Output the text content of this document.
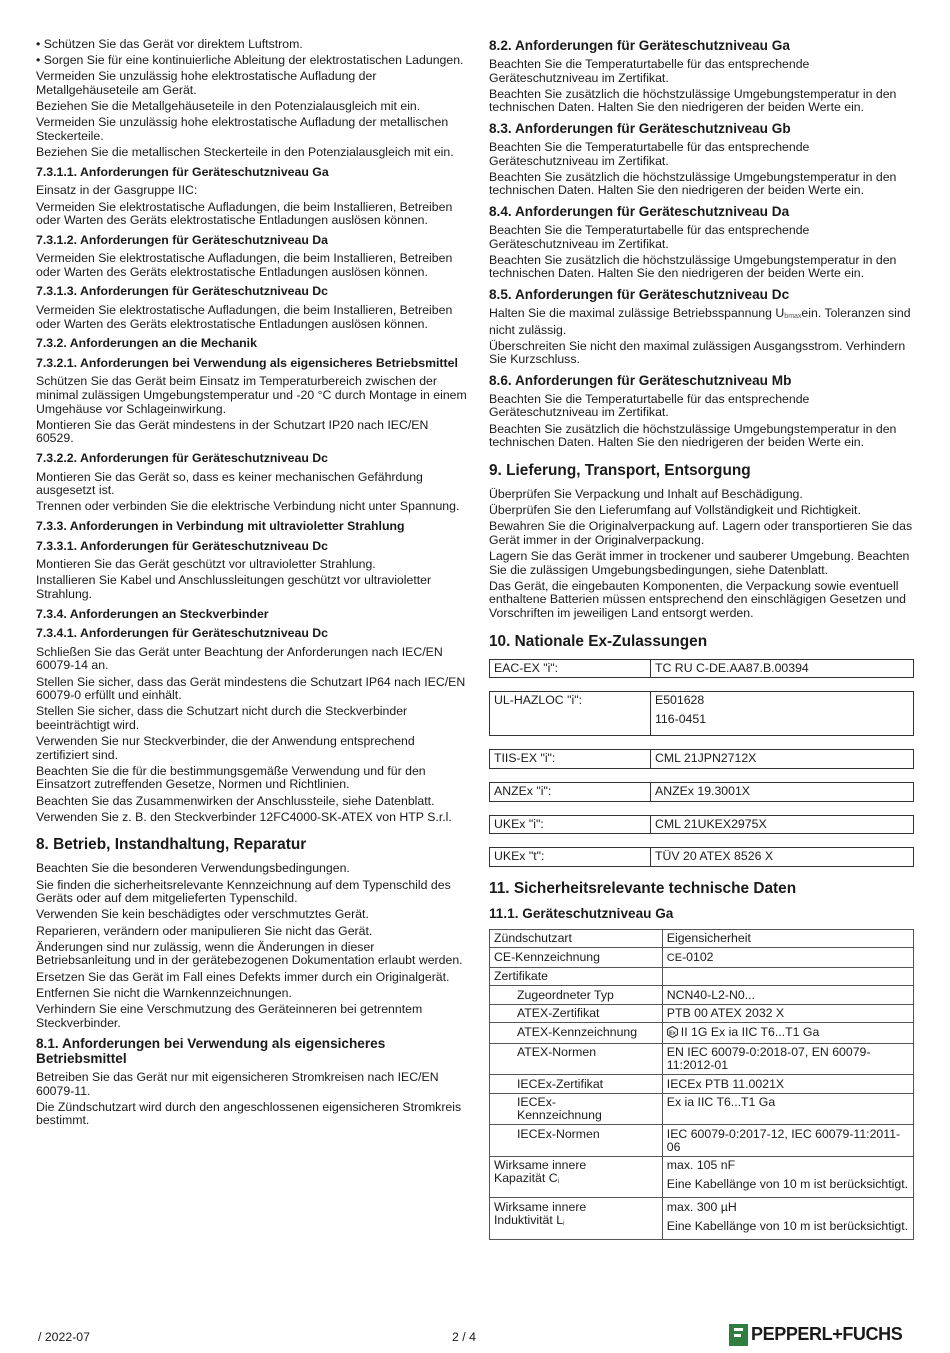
• Schützen Sie das Gerät vor direktem Luftstrom.

• Sorgen Sie für eine kontinuierliche Ableitung der elektrostatischen Ladungen.

Vermeiden Sie unzulässig hohe elektrostatische Aufladung der Metallgehäuseteile am Gerät.

Beziehen Sie die Metallgehäuseteile in den Potenzialausgleich mit ein.

Vermeiden Sie unzulässig hohe elektrostatische Aufladung der metallischen Steckerteile.

Beziehen Sie die metallischen Steckerteile in den Potenzialausgleich mit ein.

7.3.1.1. Anforderungen für Geräteschutzniveau Ga

Einsatz in der Gasgruppe IIC:

Vermeiden Sie elektrostatische Aufladungen, die beim Installieren, Betreiben oder Warten des Geräts elektrostatische Entladungen auslösen können.

7.3.1.2. Anforderungen für Geräteschutzniveau Da

Vermeiden Sie elektrostatische Aufladungen, die beim Installieren, Betreiben oder Warten des Geräts elektrostatische Entladungen auslösen können.

7.3.1.3. Anforderungen für Geräteschutzniveau Dc

Vermeiden Sie elektrostatische Aufladungen, die beim Installieren, Betreiben oder Warten des Geräts elektrostatische Entladungen auslösen können.

7.3.2. Anforderungen an die Mechanik
7.3.2.1. Anforderungen bei Verwendung als eigensicheres Betriebsmittel

Schützen Sie das Gerät beim Einsatz im Temperaturbereich zwischen der minimal zulässigen Umgebungstemperatur und -20 °C durch Montage in einem Umgehäuse vor Schlageinwirkung.

Montieren Sie das Gerät mindestens in der Schutzart IP20 nach IEC/EN 60529.

7.3.2.2. Anforderungen für Geräteschutzniveau Dc

Montieren Sie das Gerät so, dass es keiner mechanischen Gefährdung ausgesetzt ist.

Trennen oder verbinden Sie die elektrische Verbindung nicht unter Spannung.

7.3.3. Anforderungen in Verbindung mit ultravioletter Strahlung
7.3.3.1. Anforderungen für Geräteschutzniveau Dc

Montieren Sie das Gerät geschützt vor ultravioletter Strahlung.

Installieren Sie Kabel und Anschlussleitungen geschützt vor ultravioletter Strahlung.

7.3.4. Anforderungen an Steckverbinder
7.3.4.1. Anforderungen für Geräteschutzniveau Dc

Schließen Sie das Gerät unter Beachtung der Anforderungen nach IEC/EN 60079-14 an.

Stellen Sie sicher, dass das Gerät mindestens die Schutzart IP64 nach IEC/EN 60079-0 erfüllt und einhält.

Stellen Sie sicher, dass die Schutzart nicht durch die Steckverbinder beeinträchtigt wird.

Verwenden Sie nur Steckverbinder, die der Anwendung entsprechend zertifiziert sind.

Beachten Sie die für die bestimmungsgemäße Verwendung und für den Einsatzort zutreffenden Gesetze, Normen und Richtlinien.

Beachten Sie das Zusammenwirken der Anschlussteile, siehe Datenblatt.

Verwenden Sie z. B. den Steckverbinder 12FC4000-SK-ATEX von HTP S.r.l.

8. Betrieb, Instandhaltung, Reparatur

Beachten Sie die besonderen Verwendungsbedingungen.

Sie finden die sicherheitsrelevante Kennzeichnung auf dem Typenschild des Geräts oder auf dem mitgelieferten Typenschild.

Verwenden Sie kein beschädigtes oder verschmutztes Gerät.

Reparieren, verändern oder manipulieren Sie nicht das Gerät.

Änderungen sind nur zulässig, wenn die Änderungen in dieser Betriebsanleitung und in der gerätebezogenen Dokumentation erlaubt werden.

Ersetzen Sie das Gerät im Fall eines Defekts immer durch ein Originalgerät.

Entfernen Sie nicht die Warnkennzeichnungen.

Verhindern Sie eine Verschmutzung des Geräteinneren bei getrenntem Steckverbinder.

8.1. Anforderungen bei Verwendung als eigensicheres Betriebsmittel

Betreiben Sie das Gerät nur mit eigensicheren Stromkreisen nach IEC/EN 60079-11.

Die Zündschutzart wird durch den angeschlossenen eigensicheren Stromkreis bestimmt.

8.2. Anforderungen für Geräteschutzniveau Ga

Beachten Sie die Temperaturtabelle für das entsprechende Geräteschutzniveau im Zertifikat.

Beachten Sie zusätzlich die höchstzulässige Umgebungstemperatur in den technischen Daten. Halten Sie den niedrigeren der beiden Werte ein.

8.3. Anforderungen für Geräteschutzniveau Gb

Beachten Sie die Temperaturtabelle für das entsprechende Geräteschutzniveau im Zertifikat.

Beachten Sie zusätzlich die höchstzulässige Umgebungstemperatur in den technischen Daten. Halten Sie den niedrigeren der beiden Werte ein.

8.4. Anforderungen für Geräteschutzniveau Da

Beachten Sie die Temperaturtabelle für das entsprechende Geräteschutzniveau im Zertifikat.

Beachten Sie zusätzlich die höchstzulässige Umgebungstemperatur in den technischen Daten. Halten Sie den niedrigeren der beiden Werte ein.

8.5. Anforderungen für Geräteschutzniveau Dc

Halten Sie die maximal zulässige Betriebsspannung Ubmaxein. Toleranzen sind nicht zulässig.

Überschreiten Sie nicht den maximal zulässigen Ausgangsstrom. Verhindern Sie Kurzschluss.

8.6. Anforderungen für Geräteschutzniveau Mb

Beachten Sie die Temperaturtabelle für das entsprechende Geräteschutzniveau im Zertifikat.

Beachten Sie zusätzlich die höchstzulässige Umgebungstemperatur in den technischen Daten. Halten Sie den niedrigeren der beiden Werte ein.

9. Lieferung, Transport, Entsorgung

Überprüfen Sie Verpackung und Inhalt auf Beschädigung.

Überprüfen Sie den Lieferumfang auf Vollständigkeit und Richtigkeit.

Bewahren Sie die Originalverpackung auf. Lagern oder transportieren Sie das Gerät immer in der Originalverpackung.

Lagern Sie das Gerät immer in trockener und sauberer Umgebung. Beachten Sie die zulässigen Umgebungsbedingungen, siehe Datenblatt.

Das Gerät, die eingebauten Komponenten, die Verpackung sowie eventuell enthaltene Batterien müssen entsprechend den einschlägigen Gesetzen und Vorschriften im jeweiligen Land entsorgt werden.

10. Nationale Ex-Zulassungen
EAC-EX "i":	TC RU C-DE.AA87.B.00394
UL-HAZLOC "i":	E501628
116-0451
TIIS-EX "i":	CML 21JPN2712X
ANZEx "i":	ANZEx 19.3001X
UKEx "i":	CML 21UKEX2975X
UKEx "t":	TÜV 20 ATEX 8526 X
11. Sicherheitsrelevante technische Daten
11.1. Geräteschutzniveau Ga
Zündschutzart	Eigensicherheit
CE-Kennzeichnung	CE-0102
Zertifikate	
Zugeordneter Typ	NCN40-L2-N0...
ATEX-Zertifikat	PTB 00 ATEX 2032 X
ATEX-Kennzeichnung	Ex II 1G Ex ia IIC T6...T1 Ga
ATEX-Normen	EN IEC 60079-0:2018-07, EN 60079-11:2012-01
IECEx-Zertifikat	IECEx PTB 11.0021X
IECEx-Kennzeichnung	Ex ia IIC T6...T1 Ga
IECEx-Normen	IEC 60079-0:2017-12, IEC 60079-11:2011-06
Wirksame innere Kapazität Ci	max. 105 nF
Eine Kabellänge von 10 m ist berücksichtigt.

Wirksame innere Induktivität Li	max. 300 µH
Eine Kabellänge von 10 m ist berücksichtigt.
/ 2022-07	2 / 4	PEPPERL+FUCHS
